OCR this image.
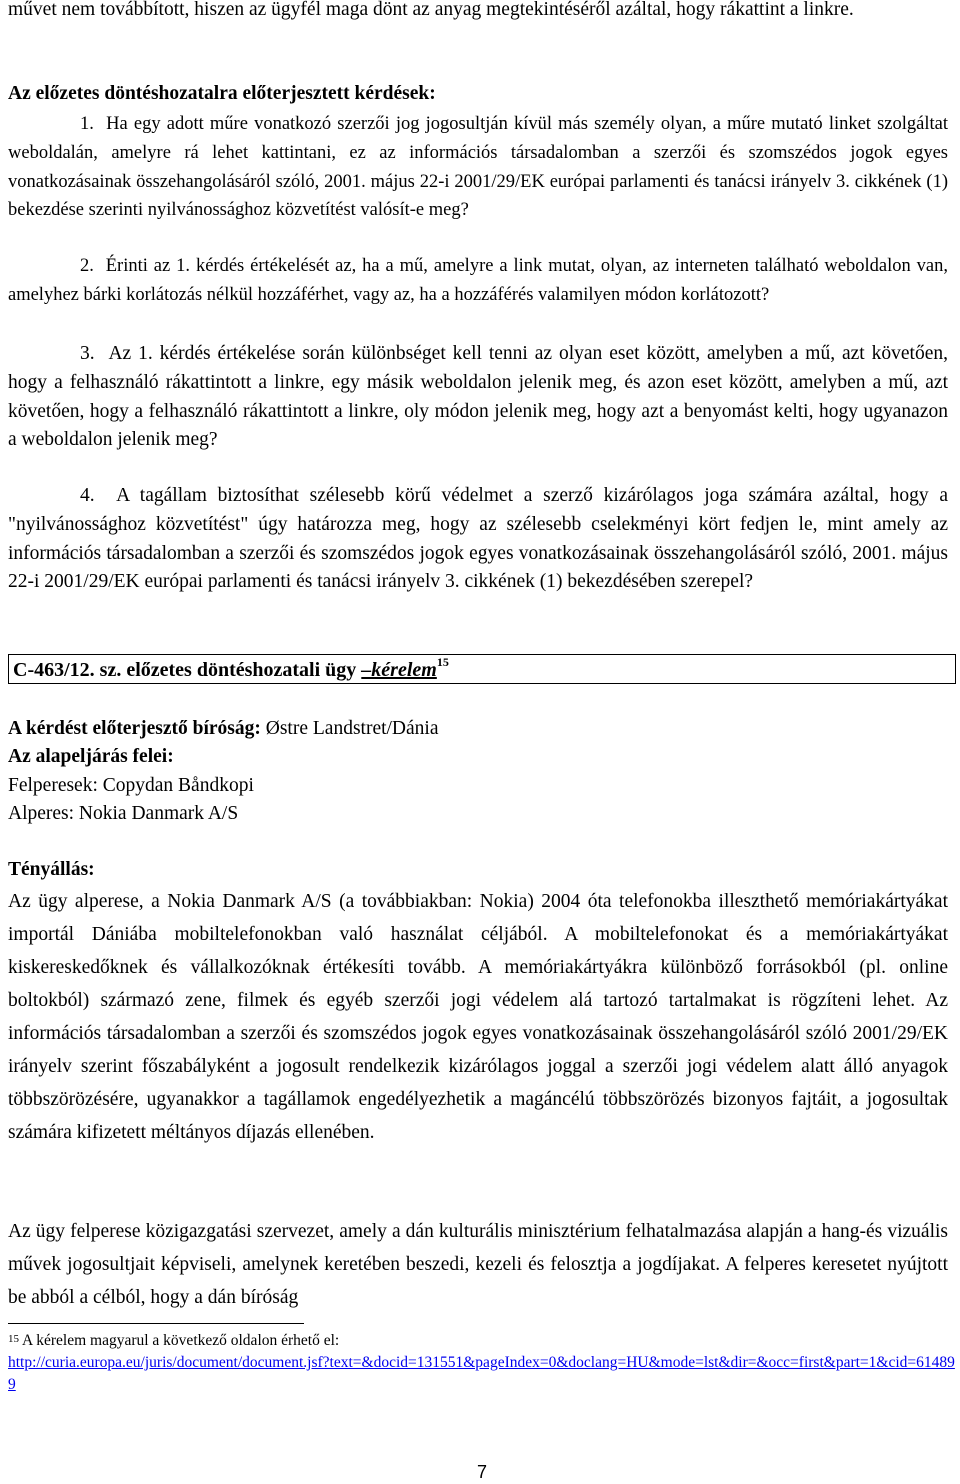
művet nem továbbított, hiszen az ügyfél maga dönt az anyag megtekintéséről azáltal, hogy rákattint a linkre.

Az előzetes döntéshozatalra előterjesztett kérdések:

1.  Ha egy adott műre vonatkozó szerzői jog jogosultján kívül más személy olyan, a műre mutató linket szolgáltat weboldalán, amelyre rá lehet kattintani, ez az információs társadalomban a szerzői és szomszédos jogok egyes vonatkozásainak összehangolásáról szóló, 2001. május 22-i 2001/29/EK európai parlamenti és tanácsi irányelv 3. cikkének (1) bekezdése szerinti nyilvánossághoz közvetítést valósít-e meg?

2.  Érinti az 1. kérdés értékelését az, ha a mű, amelyre a link mutat, olyan, az interneten található weboldalon van, amelyhez bárki korlátozás nélkül hozzáférhet, vagy az, ha a hozzáférés valamilyen módon korlátozott?

3.  Az 1. kérdés értékelése során különbséget kell tenni az olyan eset között, amelyben a mű, azt követően, hogy a felhasználó rákattintott a linkre, egy másik weboldalon jelenik meg, és azon eset között, amelyben a mű, azt követően, hogy a felhasználó rákattintott a linkre, oly módon jelenik meg, hogy azt a benyomást kelti, hogy ugyanazon a weboldalon jelenik meg?

4.  A tagállam biztosíthat szélesebb körű védelmet a szerző kizárólagos joga számára azáltal, hogy a "nyilvánossághoz közvetítést" úgy határozza meg, hogy az szélesebb cselekményi kört fedjen le, mint amely az információs társadalomban a szerzői és szomszédos jogok egyes vonatkozásainak összehangolásáról szóló, 2001. május 22-i 2001/29/EK európai parlamenti és tanácsi irányelv 3. cikkének (1) bekezdésében szerepel?

C-463/12. sz. előzetes döntéshozatali ügy –kérelem$^{15}$

A kérdést előterjesztő bíróság: Østre Landstret/Dánia

Az alapeljárás felei:

Felperesek: Copydan Båndkopi

Alperes: Nokia Danmark A/S

Tényállás:

Az ügy alperese, a Nokia Danmark A/S (a továbbiakban: Nokia) 2004 óta telefonokba illeszthető memóriakártyákat importál Dániába mobiltelefonokban való használat céljából. A mobiltelefonokat és a memóriakártyákat kiskereskedőknek és vállalkozóknak értékesíti tovább. A memóriakártyákra különböző forrásokból (pl. online boltokból) származó zene, filmek és egyéb szerzői jogi védelem alá tartozó tartalmakat is rögzíteni lehet. Az információs társadalomban a szerzői és szomszédos jogok egyes vonatkozásainak összehangolásáról szóló 2001/29/EK irányelv szerint főszabályként a jogosult rendelkezik kizárólagos joggal a szerzői jogi védelem alatt álló anyagok többszörözésére, ugyanakkor a tagállamok engedélyezhetik a magáncélú többszörözés bizonyos fajtáit, a jogosultak számára kifizetett méltányos díjazás ellenében.

Az ügy felperese közigazgatási szervezet, amely a dán kulturális minisztérium felhatalmazása alapján a hang-és vizuális művek jogosultjait képviseli, amelynek keretében beszedi, kezeli és felosztja a jogdíjakat. A felperes keresetet nyújtott be abból a célból, hogy a dán bíróság

$^{15}$ A kérelem magyarul a következő oldalon érhető el:
http://curia.europa.eu/juris/document/document.jsf?text=&docid=131551&pageIndex=0&doclang=HU&mode=lst&dir=&occ=first&part=1&cid=614899
7
